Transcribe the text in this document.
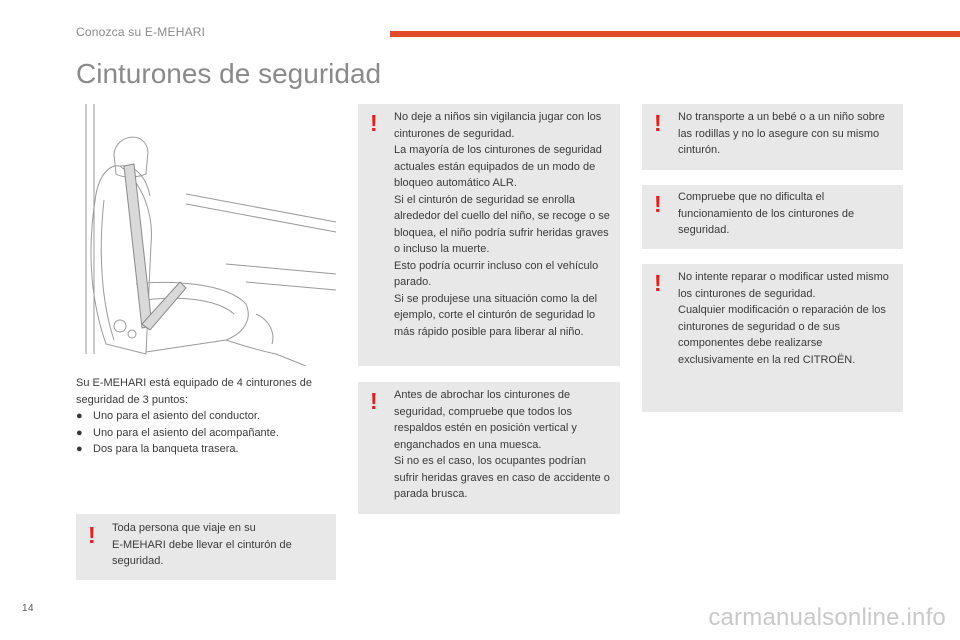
Conozca su E-MEHARI
Cinturones de seguridad

Su E-MEHARI está equipado de 4 cinturones de seguridad de 3 puntos:

● Uno para el asiento del conductor.
● Uno para el asiento del acompañante.
● Dos para la banqueta trasera.
! Toda persona que viaje en su
E-MEHARI debe llevar el cinturón de seguridad.
! No deje a niños sin vigilancia jugar con los cinturones de seguridad.
La mayoría de los cinturones de seguridad actuales están equipados de un modo de bloqueo automático ALR.
Si el cinturón de seguridad se enrolla alrededor del cuello del niño, se recoge o se bloquea, el niño podría sufrir heridas graves o incluso la muerte.
Esto podría ocurrir incluso con el vehículo parado.
Si se produjese una situación como la del ejemplo, corte el cinturón de seguridad lo más rápido posible para liberar al niño.
! Antes de abrochar los cinturones de seguridad, compruebe que todos los respaldos estén en posición vertical y enganchados en una muesca.
Si no es el caso, los ocupantes podrían sufrir heridas graves en caso de accidente o parada brusca.
! No transporte a un bebé o a un niño sobre las rodillas y no lo asegure con su mismo cinturón.
! Compruebe que no dificulta el funcionamiento de los cinturones de seguridad.
! No intente reparar o modificar usted mismo los cinturones de seguridad.
Cualquier modificación o reparación de los cinturones de seguridad o de sus componentes debe realizarse exclusivamente en la red CITROËN.
14	carmanualsonline.info
